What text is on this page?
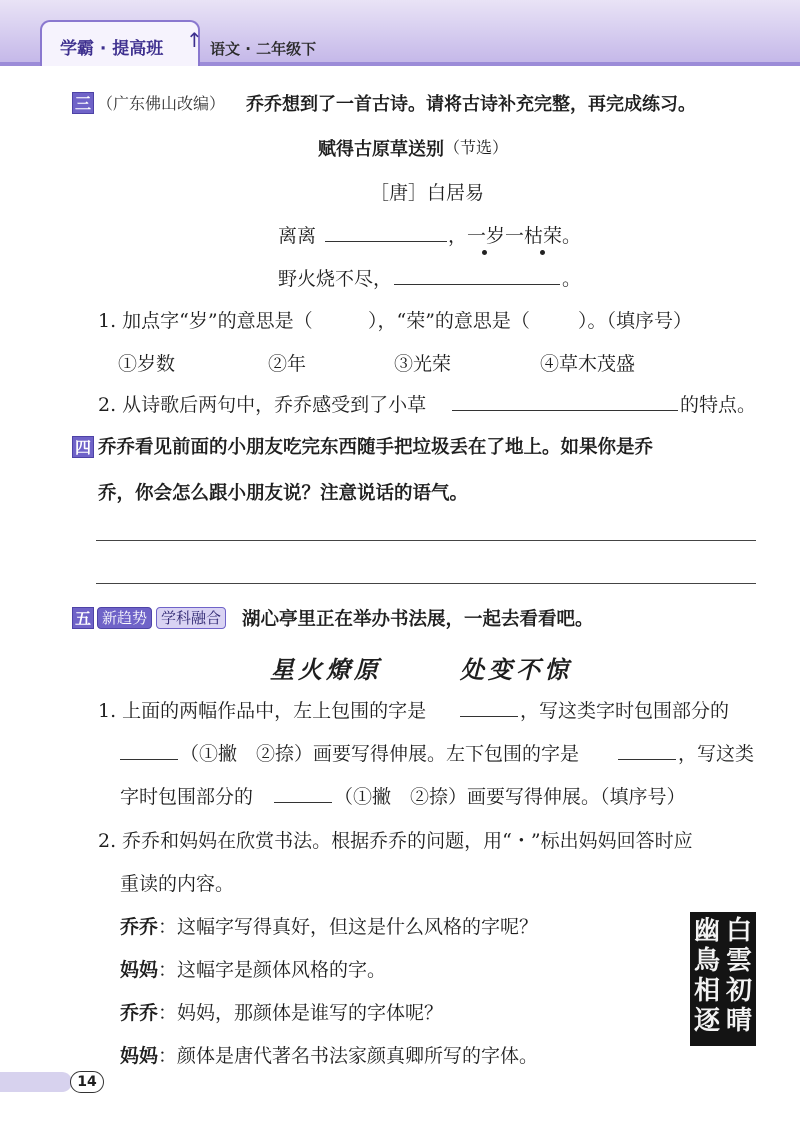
学霸 · 提高班 ↑ 语文 · 二年级下
三 （广东佛山改编） 乔乔想到了一首古诗。请将古诗补充完整，再完成练习。
赋得古原草送别 （节选）
［唐］白居易
离离	，一岁一枯荣。
野火烧不尽，	。
1. 加点字“岁”的意思是（	），“荣”的意思是（	）。（填序号）
①岁数	②年	③光荣	④草木茂盛
2. 从诗歌后两句中，乔乔感受到了小草	的特点。
四 乔乔看见前面的小朋友吃完东西随手把垃圾丢在了地上。如果你是乔
乔，你会怎么跟小朋友说？注意说话的语气。
五 新趋势 学科融合 湖心亭里正在举办书法展，一起去看看吧。
星火燎原	处变不惊
1. 上面的两幅作品中，左上包围的字是	，写这类字时包围部分的
（①撇　②捺）画要写得伸展。左下包围的字是	，写这类
字时包围部分的	（①撇　②捺）画要写得伸展。（填序号）
2. 乔乔和妈妈在欣赏书法。根据乔乔的问题，用“・”标出妈妈回答时应
重读的内容。
乔乔：这幅字写得真好，但这是什么风格的字呢？
妈妈：这幅字是颜体风格的字。
乔乔：妈妈，那颜体是谁写的字体呢？
妈妈：颜体是唐代著名书法家颜真卿所写的字体。
白
雲
初
晴
幽
鳥
相
逐
14
